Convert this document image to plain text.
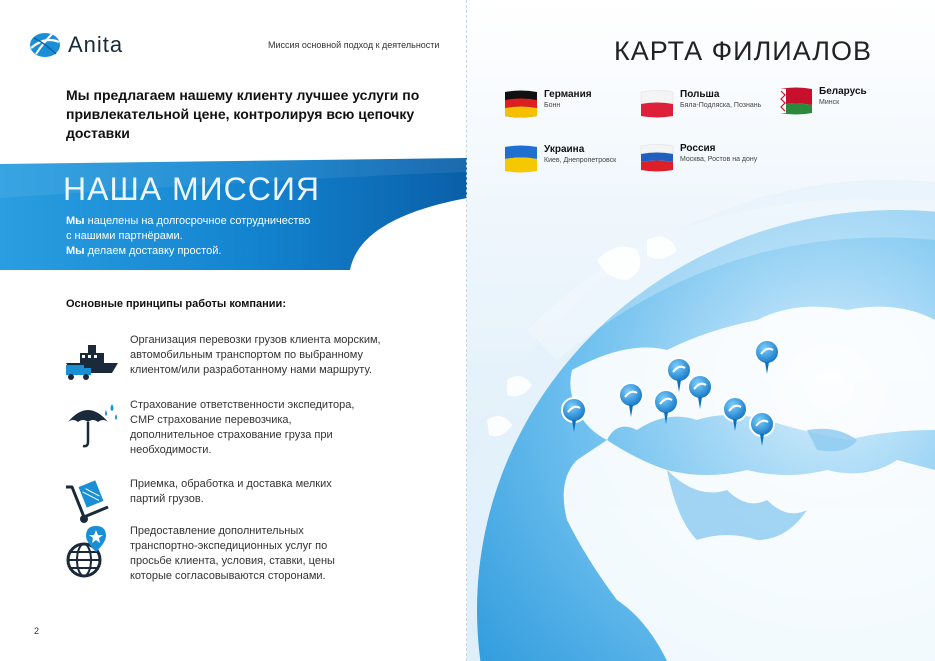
Anita	Миссия основной подход к деятельности
Мы предлагаем нашему клиенту лучшее услуги по привлекательной цене, контролируя всю цепочку доставки
НАША МИССИЯ
Мы нацелены на долгосрочное сотрудничество
с нашими партнёрами.
Мы делаем доставку простой.
Основные принципы работы компании:
Организация перевозки грузов клиента морским, автомобильным транспортом по выбранному клиентом/или разработанному нами маршруту.
Страхование ответственности экспедитора, CMP страхование перевозчика, дополнительное страхование груза при необходимости.
Приемка, обработка и доставка мелких партий грузов.
Предоставление дополнительных транспортно-экспедиционных услуг по просьбе клиента, условия, ставки, цены которые согласовываются сторонами.
2
КАРТА ФИЛИАЛОВ
Германия
Бонн
Польша
Бяла-Подляска, Познань
Беларусь
Минск
Украина
Киев, Днепропетровск
Россия
Москва, Ростов на дону
